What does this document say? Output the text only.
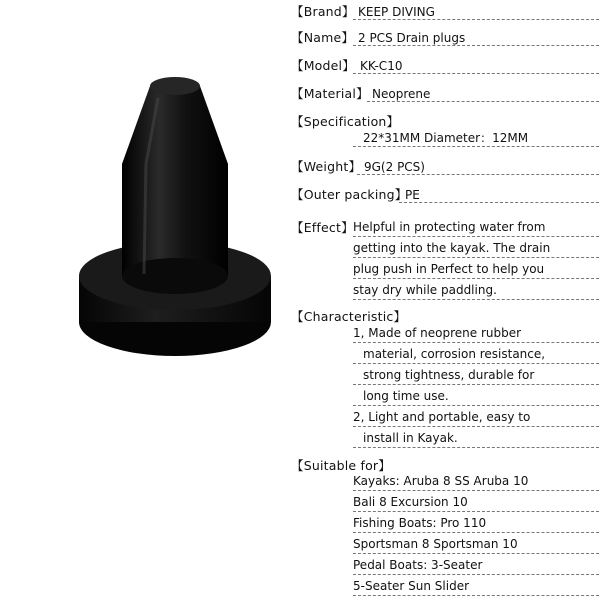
【Brand】 KEEP DIVING
【Name】 2 PCS Drain plugs
【Model】 KK-C10
【Material】 Neoprene
【Specification】
22*31MM Diameter：12MM
【Weight】 9G(2 PCS)
【Outer packing】
PE
【Effect】 Helpful in protecting water from
getting into the kayak. The drain
plug push in Perfect to help you
stay dry while paddling.
【Characteristic】
1, Made of neoprene rubber
material, corrosion resistance,
strong tightness, durable for
long time use.
2, Light and portable, easy to
install in Kayak.
【Suitable for】
Kayaks: Aruba 8 SS Aruba 10
Bali 8 Excursion 10
Fishing Boats: Pro 110
Sportsman 8 Sportsman 10
Pedal Boats: 3-Seater
5-Seater Sun Slider
